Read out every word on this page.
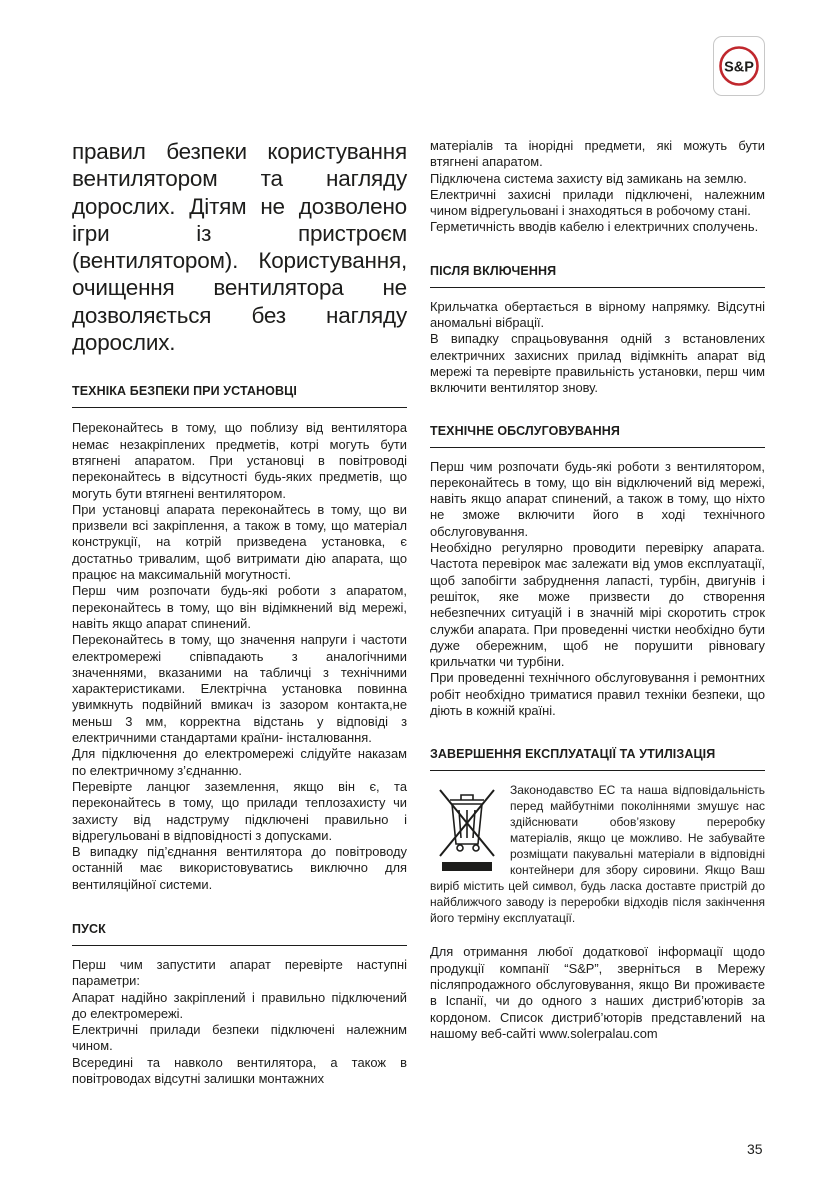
S&P

правил безпеки користування вентилятором та нагляду дорослих. Дітям не дозволено ігри із пристроєм (вентилятором). Користування, очищення вентилятора не дозволяється без нагляду дорослих.

ТЕХНІКА БЕЗПЕКИ ПРИ УСТАНОВЦІ

Переконайтесь в тому, що поблизу від вентилятора немає незакріплених предметів, котрі могуть бути втягнені апаратом. При установці в повітроводі переконайтесь в відсутності будь-яких предметів, що могуть бути втягнені вентилятором.

При установці апарата переконайтесь в тому, що ви призвели всі закріплення, а також в тому, що матеріал конструкції, на котрій призведена установка, є достатньо тривалим, щоб витримати дію апарата, що працює на максимальній могутності.

Перш чим розпочати будь-які роботи з апаратом, переконайтесь в тому, що він відімкнений від мережі, навіть якщо апарат спинений.

Переконайтесь в тому, що значення напруги і частоти електромережі співпадають з аналогічними значеннями, вказаними на табличці з технічними характеристиками. Електрічна установка повинна увимкнуть подвійний вмикач із зазором контакта,не меньш 3 мм, корректна відстань у відповіді з електричними стандартами країни- інсталювання.

Для підключення до електромережі слідуйте наказам по електричному з’єднанню.

Перевірте ланцюг заземлення, якщо він є, та переконайтесь в тому, що прилади теплозахисту чи захисту від надструму підключені правильно і відрегульовані в відповідності з допусками.

В випадку під’єднання вентилятора до повітроводу останній має використовуватись виключно для вентиляційної системи.

ПУСК

Перш чим запустити апарат перевірте наступні параметри:

Апарат надійно закріплений і правильно підключений до електромережі.

Електричні прилади безпеки підключені належним чином.

Всередині та навколо вентилятора, а також в повітроводах відсутні залишки монтажних

матеріалів та інорідні предмети, які можуть бути втягнені апаратом.

Підключена система захисту від замикань на землю.

Електричні захисні прилади підключені, належним чином відрегульовані і знаходяться в робочому стані.

Герметичність вводів кабелю і електричних сполучень.

ПІСЛЯ ВКЛЮЧЕННЯ

Крильчатка обертається в вірному напрямку. Відсутні аномальні вібрації.

В випадку спрацьовування одній з встановлених електричних захисних прилад відімкніть апарат від мережі та перевірте правильність установки, перш чим включити вентилятор знову.

ТЕХНІЧНЕ ОБСЛУГОВУВАННЯ

Перш чим розпочати будь-які роботи з вентилятором, переконайтесь в тому, що він відключений від мережі, навіть якщо апарат спинений, а також в тому, що ніхто не зможе включити його в ході технічного обслуговування.

Необхідно регулярно проводити перевірку апарата. Частота перевірок має залежати від умов експлуатації, щоб запобігти забруднення лапасті, турбін, двигунів і решіток, яке може призвести до створення небезпечних ситуацій і в значній мірі скоротить строк служби апарата. При проведенні чистки необхідно бути дуже обережним, щоб не порушити рівновагу крильчатки чи турбіни.

При проведенні технічного обслуговування і ремонтних робіт необхідно триматися правил техніки безпеки, що діють в кожній країні.

ЗАВЕРШЕННЯ ЕКСПЛУАТАЦІЇ ТА УТИЛІЗАЦІЯ

Законодавство ЕС та наша відповідальність перед майбутніми поколіннями змушує нас здійснювати обов’язкову переробку матеріалів, якщо це можливо. Не забувайте розміщати пакувальні матеріали в відповідні контейнери для збору сировини. Якщо Ваш виріб містить цей символ, будь ласка доставте пристрій до найближчого заводу із переробки відходів після закінчення його терміну експлуатації.

Для отримання любої додаткової інформації щодо продукції компанії “S&P”, зверніться в Мережу післяпродажного обслуговування, якщо Ви проживаєте в Іспанії, чи до одного з наших дистриб’юторів за кордоном. Список дистриб’юторів представлений на нашому веб-сайті www.solerpalau.com

35
